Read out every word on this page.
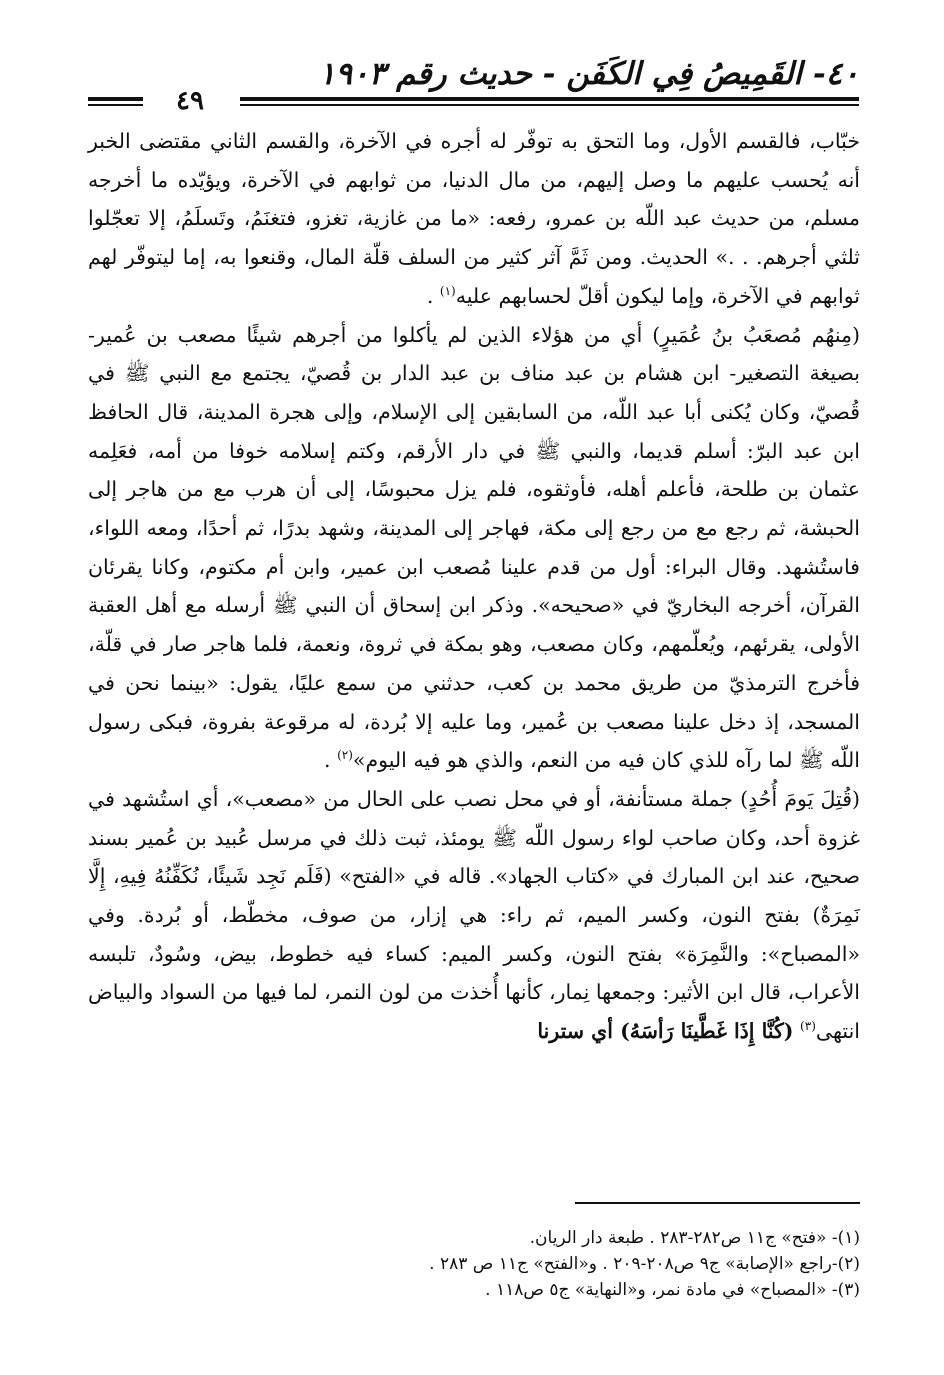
٤٠- القَمِيصُ فِي الكَفَن - حديث رقم ١٩٠٣
٤٩

خبّاب، فالقسم الأول، وما التحق به توفّر له أجره في الآخرة، والقسم الثاني مقتضى الخبر أنه يُحسب عليهم ما وصل إليهم، من مال الدنيا، من ثوابهم في الآخرة، ويؤيّده ما أخرجه مسلم، من حديث عبد اللّه بن عمرو، رفعه: «ما من غازية، تغزو، فتغنَمُ، وتَسلَمُ، إلا تعجّلوا ثلثي أجرهم. . .» الحديث. ومن ثَمَّ آثر كثير من السلف قلّة المال، وقنعوا به، إما ليتوفّر لهم ثوابهم في الآخرة، وإما ليكون أقلّ لحسابهم عليه$^{(١)}$ .

(مِنهُم مُصعَبُ بنُ عُمَيرٍ) أي من هؤلاء الذين لم يأكلوا من أجرهم شيئًا مصعب بن عُمير- بصيغة التصغير- ابن هشام بن عبد مناف بن عبد الدار بن قُصيّ، يجتمع مع النبي ﷺ في قُصيّ، وكان يُكنى أبا عبد اللّه، من السابقين إلى الإسلام، وإلى هجرة المدينة، قال الحافظ ابن عبد البرّ: أسلم قديما، والنبي ﷺ في دار الأرقم، وكتم إسلامه خوفا من أمه، فعَلِمه عثمان بن طلحة، فأعلم أهله، فأوثقوه، فلم يزل محبوسًا، إلى أن هرب مع من هاجر إلى الحبشة، ثم رجع مع من رجع إلى مكة، فهاجر إلى المدينة، وشهد بدرًا، ثم أحدًا، ومعه اللواء، فاستُشهد. وقال البراء: أول من قدم علينا مُصعب ابن عمير، وابن أم مكتوم، وكانا يقرئان القرآن، أخرجه البخاريّ في «صحيحه». وذكر ابن إسحاق أن النبي ﷺ أرسله مع أهل العقبة الأولى، يقرئهم، ويُعلّمهم، وكان مصعب، وهو بمكة في ثروة، ونعمة، فلما هاجر صار في قلّة، فأخرج الترمذيّ من طريق محمد بن كعب، حدثني من سمع عليًا، يقول: «بينما نحن في المسجد، إذ دخل علينا مصعب بن عُمير، وما عليه إلا بُردة، له مرقوعة بفروة، فبكى رسول اللّه ﷺ لما رآه للذي كان فيه من النعم، والذي هو فيه اليوم»$^{(٢)}$ .

(قُتِلَ يَومَ أُحُدٍ) جملة مستأنفة، أو في محل نصب على الحال من «مصعب»، أي استُشهد في غزوة أحد، وكان صاحب لواء رسول اللّه ﷺ يومئذ، ثبت ذلك في مرسل عُبيد بن عُمير بسند صحيح، عند ابن المبارك في «كتاب الجهاد». قاله في «الفتح» (فَلَم نَجِد شَيئًا، نُكَفِّنُهُ فِيهِ، إِلَّا نَمِرَةٌ) بفتح النون، وكسر الميم، ثم راء: هي إزار، من صوف، مخطّط، أو بُردة. وفي «المصباح»: والنَّمِرَة» بفتح النون، وكسر الميم: كساء فيه خطوط، بيض، وسُودٌ، تلبسه الأعراب، قال ابن الأثير: وجمعها نِمار، كأنها أُخذت من لون النمر، لما فيها من السواد والبياض انتهى$^{(٣)}$ (كُنَّا إِذَا غَطَّينَا رَأسَهُ) أي سترنا

(١)- «فتح» ج١١ ص٢٨٢-٢٨٣ . طبعة دار الريان.
(٢)-راجع «الإصابة» ج٩ ص٢٠٨-٢٠٩ . و«الفتح» ج١١ ص ٢٨٣ .
(٣)- «المصباح» في مادة نمر، و«النهاية» ج٥ ص١١٨ .
